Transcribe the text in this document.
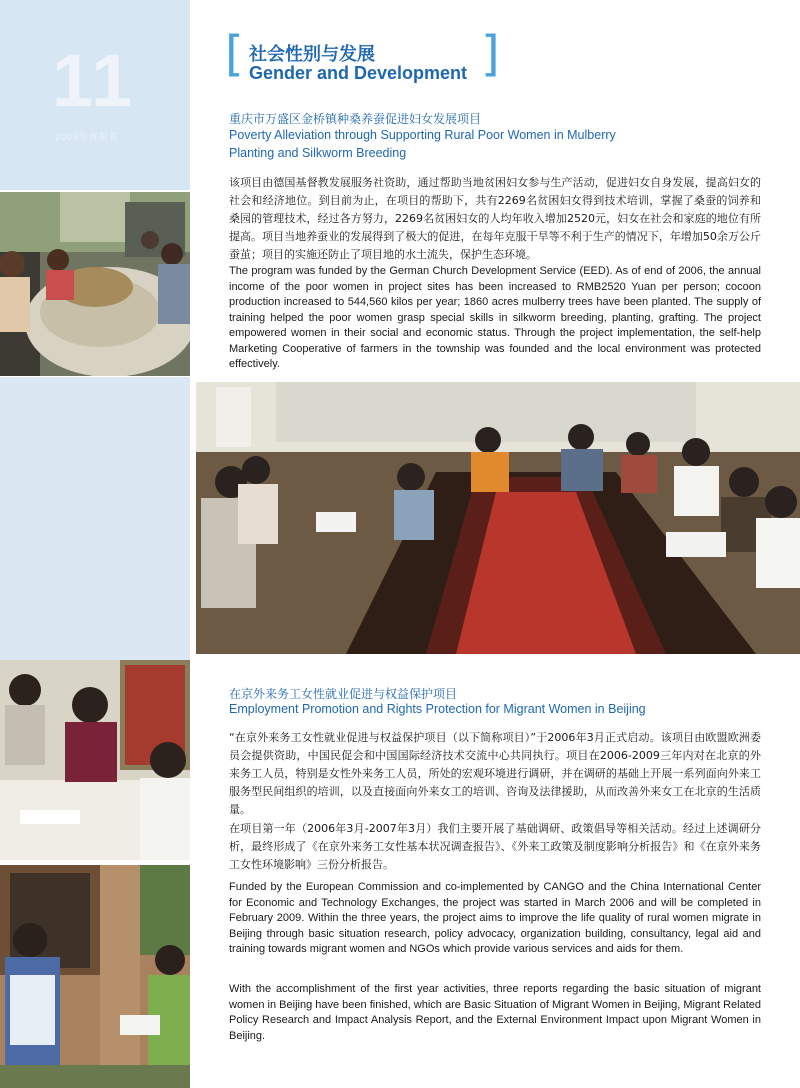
11
2006年度报告
[	]
社会性别与发展
Gender and Development
重庆市万盛区金桥镇种桑养蚕促进妇女发展项目
Poverty Alleviation through Supporting Rural Poor Women in Mulberry
Planting and Silkworm Breeding
该项目由德国基督教发展服务社资助，通过帮助当地贫困妇女参与生产活动，促进妇女自身发展，提高妇女的社会和经济地位。到目前为止，在项目的帮助下，共有2269名贫困妇女得到技术培训，掌握了桑蚕的饲养和桑园的管理技术，经过各方努力，2269名贫困妇女的人均年收入增加2520元，妇女在社会和家庭的地位有所提高。项目当地养蚕业的发展得到了极大的促进，在每年克服干旱等不利于生产的情况下，年增加50余万公斤蚕茧；项目的实施还防止了项目地的水土流失，保护生态环境。
The program was funded by the German Church Development Service (EED). As of end of 2006, the annual income of the poor women in project sites has been increased to RMB2520 Yuan per person; cocoon production increased to 544,560 kilos per year; 1860 acres mulberry trees have been planted. The supply of training helped the poor women grasp special skills in silkworm breeding, planting, grafting. The project empowered women in their social and economic status. Through the project implementation, the self-help Marketing Cooperative of farmers in the township was founded and the local environment was protected effectively.
在京外来务工女性就业促进与权益保护项目
Employment Promotion and Rights Protection for Migrant Women in Beijing
“在京外来务工女性就业促进与权益保护项目（以下简称项目）”于2006年3月正式启动。该项目由欧盟欧洲委员会提供资助，中国民促会和中国国际经济技术交流中心共同执行。项目在2006-2009三年内对在北京的外来务工人员，特别是女性外来务工人员，所处的宏观环境进行调研，并在调研的基础上开展一系列面向外来工服务型民间组织的培训，以及直接面向外来女工的培训、咨询及法律援助，从而改善外来女工在北京的生活质量。
在项目第一年（2006年3月-2007年3月）我们主要开展了基础调研、政策倡导等相关活动。经过上述调研分析，最终形成了《在京外来务工女性基本状况调查报告》、《外来工政策及制度影响分析报告》和《在京外来务工女性环境影响》三份分析报告。
Funded by the European Commission and co-implemented by CANGO and the China International Center for Economic and Technology Exchanges, the project was started in March 2006 and will be completed in February 2009. Within the three years, the project aims to improve the life quality of rural women migrate in Beijing through basic situation research, policy advocacy, organization building, consultancy, legal aid and training towards migrant women and NGOs which provide various services and aids for them.
With the accomplishment of the first year activities, three reports regarding the basic situation of migrant women in Beijing have been finished, which are Basic Situation of Migrant Women in Beijing, Migrant Related Policy Research and Impact Analysis Report, and the External Environment Impact upon Migrant Women in Beijing.
